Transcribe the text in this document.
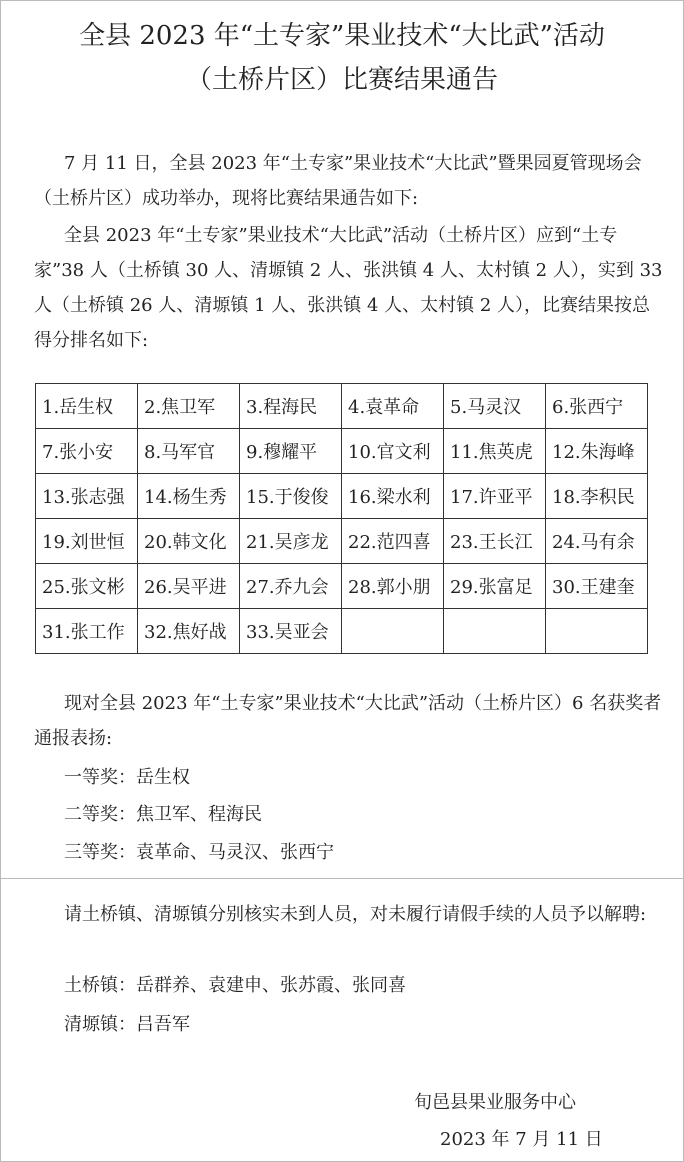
全县 2023 年“土专家”果业技术“大比武”活动
（土桥片区）比赛结果通告

7 月 11 日，全县 2023 年“土专家”果业技术“大比武”暨果园夏管现场会（土桥片区）成功举办，现将比赛结果通告如下:

全县 2023 年“土专家”果业技术“大比武”活动（土桥片区）应到“土专家”38 人（土桥镇 30 人、清塬镇 2 人、张洪镇 4 人、太村镇 2 人），实到 33 人（土桥镇 26 人、清塬镇 1 人、张洪镇 4 人、太村镇 2 人），比赛结果按总得分排名如下:

1.岳生权	2.焦卫军	3.程海民	4.袁革命	5.马灵汉	6.张西宁
7.张小安	8.马军官	9.穆耀平	10.官文利	11.焦英虎	12.朱海峰
13.张志强	14.杨生秀	15.于俊俊	16.梁水利	17.许亚平	18.李积民
19.刘世恒	20.韩文化	21.吴彦龙	22.范四喜	23.王长江	24.马有余
25.张文彬	26.吴平进	27.乔九会	28.郭小朋	29.张富足	30.王建奎
31.张工作	32.焦好战	33.吴亚会			

现对全县 2023 年“土专家”果业技术“大比武”活动（土桥片区）6 名获奖者通报表扬:

一等奖：岳生权
二等奖：焦卫军、程海民
三等奖：袁革命、马灵汉、张西宁

请土桥镇、清塬镇分别核实未到人员，对未履行请假手续的人员予以解聘:

土桥镇：岳群养、袁建申、张苏霞、张同喜
清塬镇：吕吾军
旬邑县果业服务中心
2023 年 7 月 11 日
